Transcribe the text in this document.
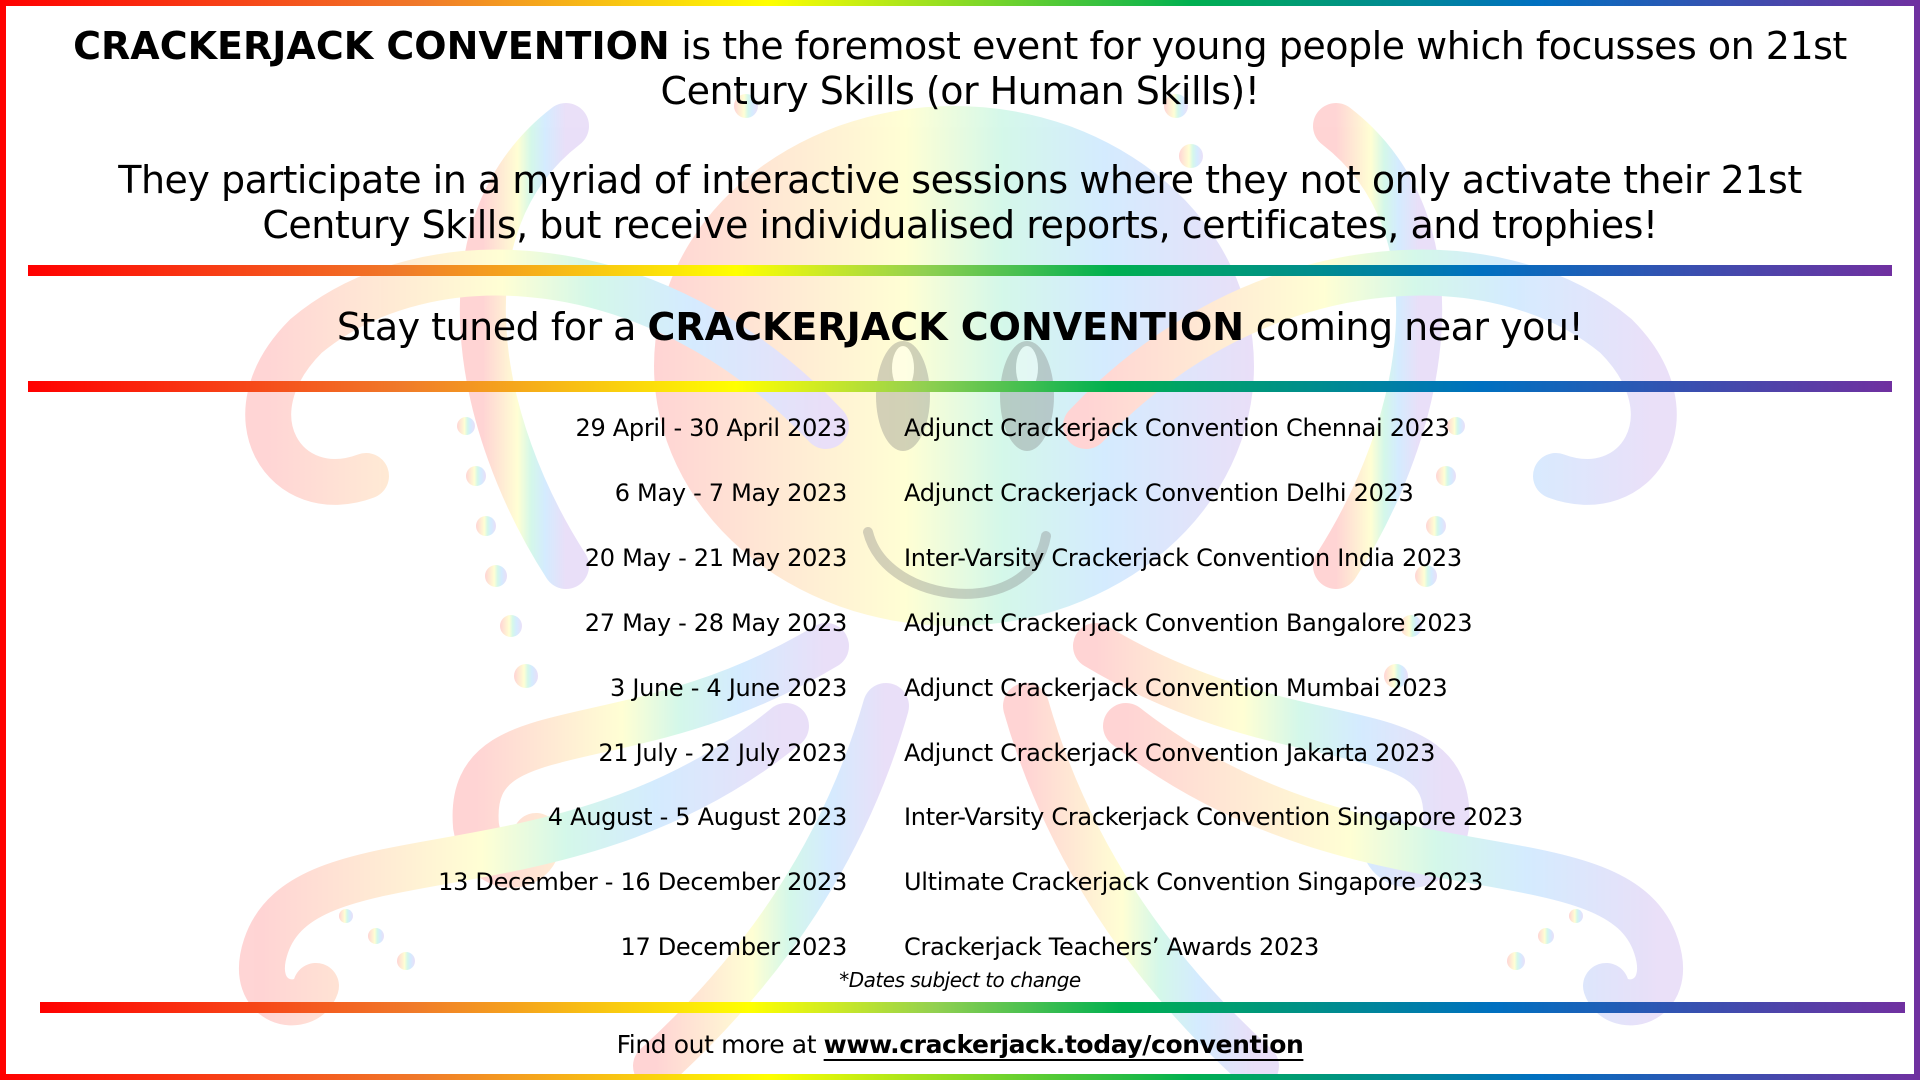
CRACKERJACK CONVENTION is the foremost event for young people which focusses on 21st Century Skills (or Human Skills)!
They participate in a myriad of interactive sessions where they not only activate their 21st Century Skills, but receive individualised reports, certificates, and trophies!
Stay tuned for a CRACKERJACK CONVENTION coming near you!
29 April - 30 April 2023 Adjunct Crackerjack Convention Chennai 2023
6 May - 7 May 2023 Adjunct Crackerjack Convention Delhi 2023
20 May - 21 May 2023 Inter-Varsity Crackerjack Convention India 2023
27 May - 28 May 2023 Adjunct Crackerjack Convention Bangalore 2023
3 June - 4 June 2023 Adjunct Crackerjack Convention Mumbai 2023
21 July - 22 July 2023 Adjunct Crackerjack Convention Jakarta 2023
4 August - 5 August 2023 Inter-Varsity Crackerjack Convention Singapore 2023
13 December - 16 December 2023 Ultimate Crackerjack Convention Singapore 2023
17 December 2023 Crackerjack Teachers’ Awards 2023
*Dates subject to change
Find out more at www.crackerjack.today/convention
